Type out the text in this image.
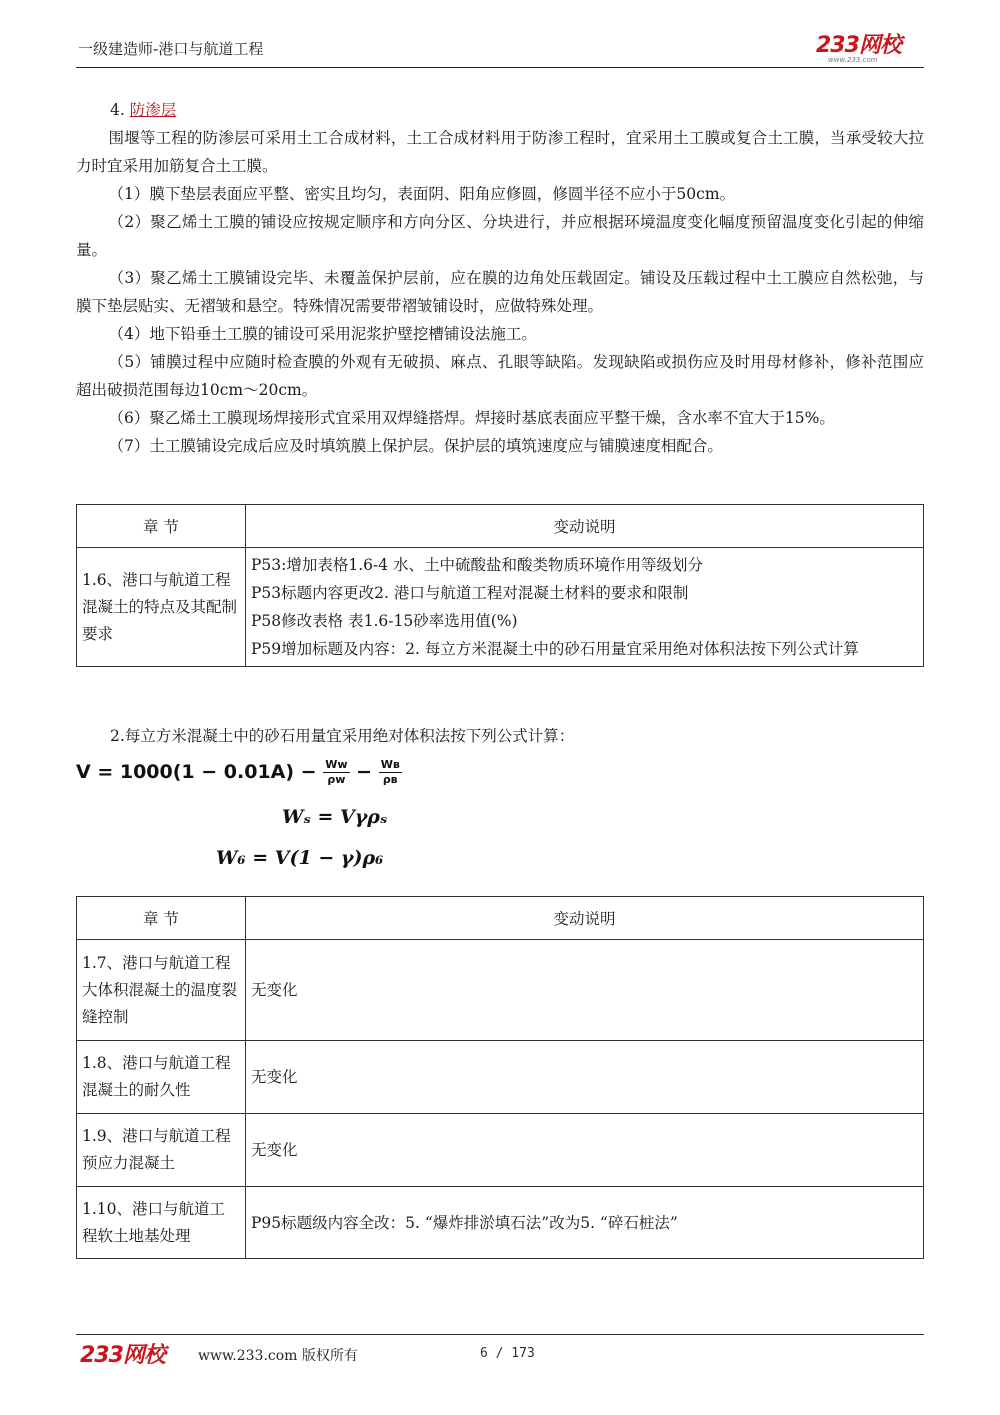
一级建造师-港口与航道工程	233网校
www.233.com

4. 防渗层

围堰等工程的防渗层可采用土工合成材料，土工合成材料用于防渗工程时，宜采用土工膜或复合土工膜，当承受较大拉力时宜采用加筋复合土工膜。

（1）膜下垫层表面应平整、密实且均匀，表面阴、阳角应修圆，修圆半径不应小于50cm。

（2）聚乙烯土工膜的铺设应按规定顺序和方向分区、分块进行，并应根据环境温度变化幅度预留温度变化引起的伸缩量。

（3）聚乙烯土工膜铺设完毕、未覆盖保护层前，应在膜的边角处压载固定。铺设及压载过程中土工膜应自然松弛，与膜下垫层贴实、无褶皱和悬空。特殊情况需要带褶皱铺设时，应做特殊处理。

（4）地下铅垂土工膜的铺设可采用泥浆护壁挖槽铺设法施工。

（5）铺膜过程中应随时检查膜的外观有无破损、麻点、孔眼等缺陷。发现缺陷或损伤应及时用母材修补，修补范围应超出破损范围每边10cm～20cm。

（6）聚乙烯土工膜现场焊接形式宜采用双焊缝搭焊。焊接时基底表面应平整干燥，含水率不宜大于15%。

（7）土工膜铺设完成后应及时填筑膜上保护层。保护层的填筑速度应与铺膜速度相配合。

章 节	变动说明
1.6、港口与航道工程混凝土的特点及其配制要求	P53:增加表格1.6-4 水、土中硫酸盐和酸类物质环境作用等级划分
P53标题内容更改2. 港口与航道工程对混凝土材料的要求和限制
P58修改表格 表1.6-15砂率选用值(%)
P59增加标题及内容：2. 每立方米混凝土中的砂石用量宜采用绝对体积法按下列公式计算
2.每立方米混凝土中的砂石用量宜采用绝对体积法按下列公式计算：
$V = 1000(1 - 0.01A) - \frac{\text{Wᴡ}}{\text{ρᴡ}} - \frac{\text{Wʙ}}{\text{ρʙ}}$
Wₛ = Vγρₛ
W₆ = V(1 − γ)ρ₆
章 节	变动说明
1.7、港口与航道工程大体积混凝土的温度裂缝控制	无变化
1.8、港口与航道工程混凝土的耐久性	无变化
1.9、港口与航道工程预应力混凝土	无变化
1.10、港口与航道工程软土地基处理	P95标题级内容全改：5. “爆炸排淤填石法”改为5. “碎石桩法”
233网校 www.233.com 版权所有	6 / 173
